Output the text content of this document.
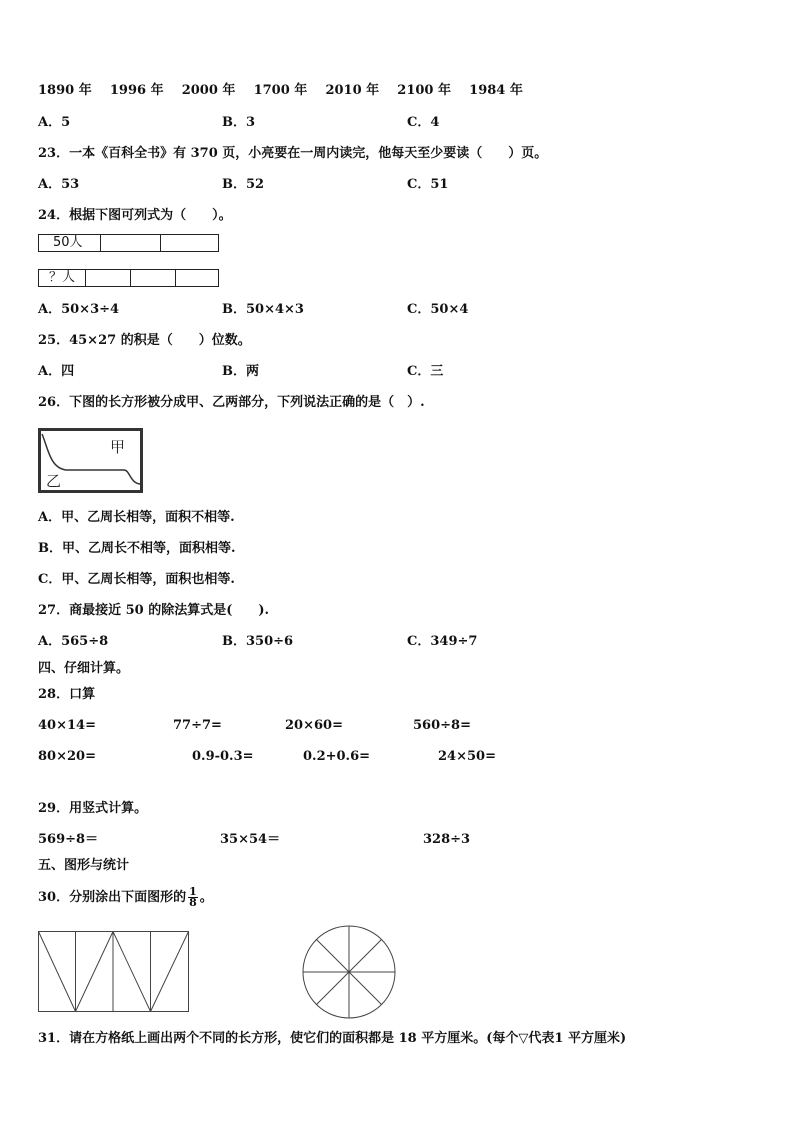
1890 年 1996 年 2000 年 1700 年 2010 年 2100 年 1984 年
A．5	B．3	C．4
23．一本《百科全书》有 370 页，小亮要在一周内读完，他每天至少要读（　　）页。
A．53	B．52	C．51
24．根据下图可列式为（　　）。
50人
？人
A．50×3÷4	B．50×4×3	C．50×4
25．45×27 的积是（　　）位数。
A．四	B．两	C．三
26．下图的长方形被分成甲、乙两部分，下列说法正确的是（　）.
甲
乙
A．甲、乙周长相等，面积不相等.
B．甲、乙周长不相等，面积相等.
C．甲、乙周长相等，面积也相等.
27．商最接近 50 的除法算式是(　　).
A．565÷8	B．350÷6	C．349÷7
四、仔细计算。
28．口算
40×14=	77÷7=	20×60=	560÷8=
80×20=	0.9-0.3=	0.2+0.6=	24×50=
29．用竖式计算。
569÷8＝	35×54＝	328÷3
五、图形与统计
30．分别涂出下面图形的 $\frac{1}{8}$ 。
31．请在方格纸上画出两个不同的长方形，使它们的面积都是 18 平方厘米。(每个▽代表1 平方厘米)
